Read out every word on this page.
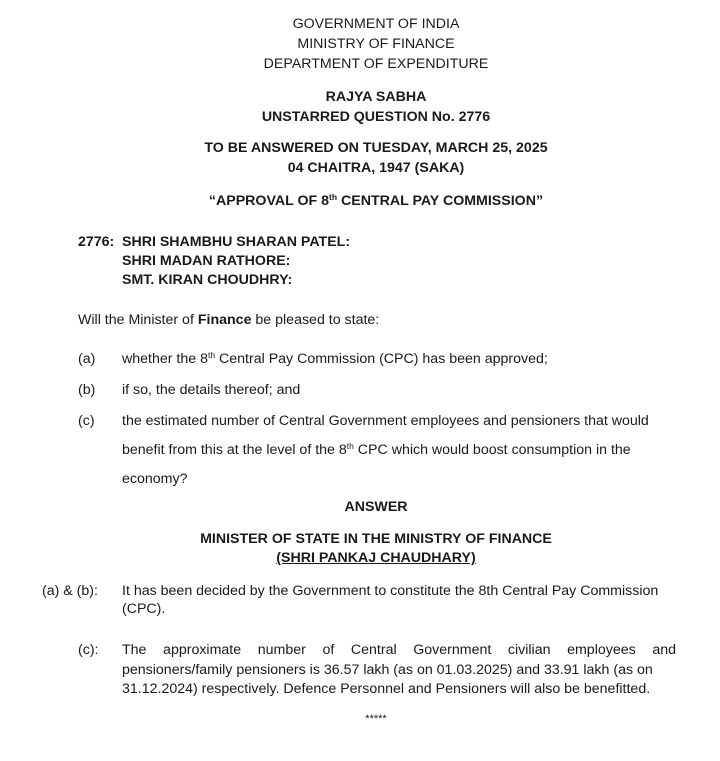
GOVERNMENT OF INDIA
MINISTRY OF FINANCE
DEPARTMENT OF EXPENDITURE
RAJYA SABHA
UNSTARRED QUESTION No. 2776
TO BE ANSWERED ON TUESDAY, MARCH 25, 2025
04 CHAITRA, 1947 (SAKA)
“APPROVAL OF 8th CENTRAL PAY COMMISSION”
2776: SHRI SHAMBHU SHARAN PATEL:
SHRI MADAN RATHORE:
SMT. KIRAN CHOUDHRY:
Will the Minister of Finance be pleased to state:
(a) whether the 8th Central Pay Commission (CPC) has been approved;
(b) if so, the details thereof; and
(c) the estimated number of Central Government employees and pensioners that would
benefit from this at the level of the 8th CPC which would boost consumption in the
economy?
ANSWER
MINISTER OF STATE IN THE MINISTRY OF FINANCE
(SHRI PANKAJ CHAUDHARY)
(a) & (b): It has been decided by the Government to constitute the 8th Central Pay Commission
(CPC).
(c): The approximate number of Central Government civilian employees and
pensioners/family pensioners is 36.57 lakh (as on 01.03.2025) and 33.91 lakh (as on
31.12.2024) respectively. Defence Personnel and Pensioners will also be benefitted.
*****
